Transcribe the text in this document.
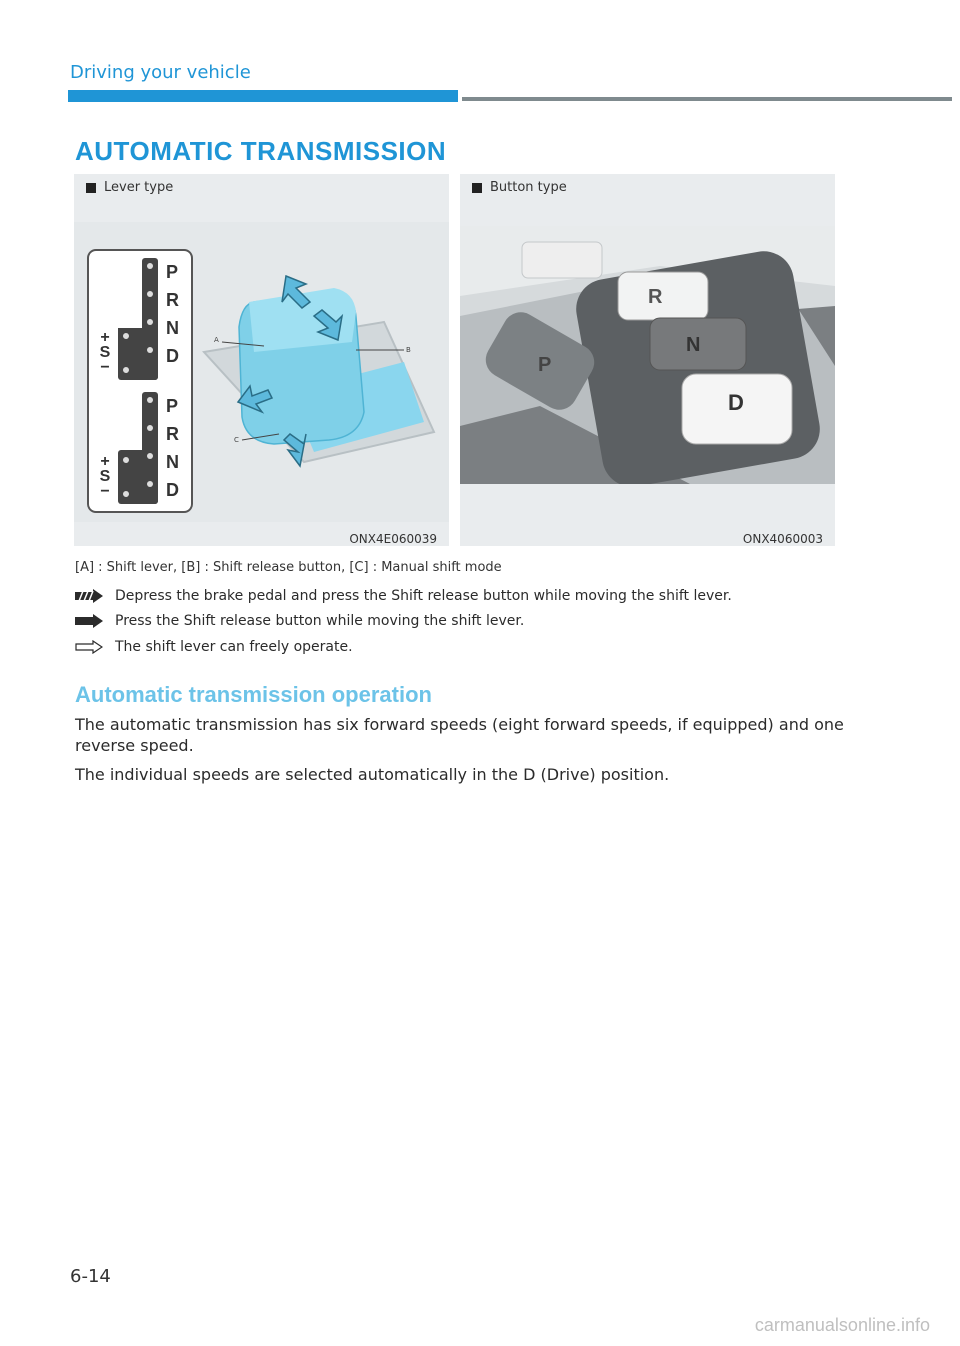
Driving your vehicle
AUTOMATIC TRANSMISSION
Lever type
P
R
N
D
P
R
N
D
+
S
−
+
S
−
A
B
C
ONX4E060039
Button type
P
R
N
D
ONX4060003
[A] : Shift lever, [B] : Shift release button, [C] : Manual shift mode
Depress the brake pedal and press the Shift release button while moving the shift lever.
Press the Shift release button while moving the shift lever.
The shift lever can freely operate.
Automatic transmission operation
The automatic transmission has six forward speeds (eight forward speeds, if equipped) and one reverse speed.
The individual speeds are selected automatically in the D (Drive) position.
6-14
carmanualsonline.info
